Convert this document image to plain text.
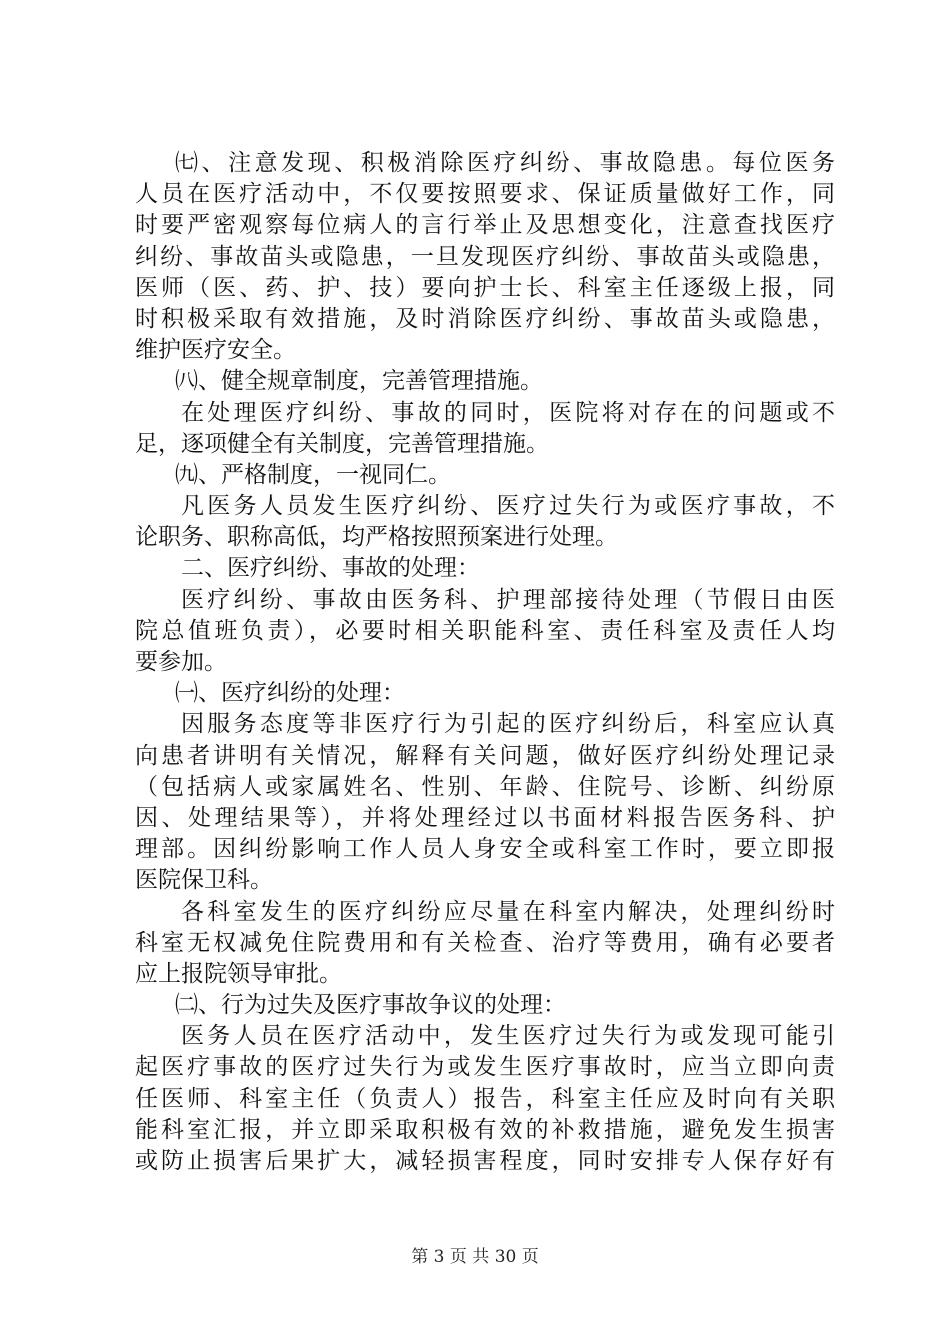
㈦、注意发现、积极消除医疗纠纷、事故隐患。每位医务
人员在医疗活动中，不仅要按照要求、保证质量做好工作，同
时要严密观察每位病人的言行举止及思想变化，注意查找医疗
纠纷、事故苗头或隐患，一旦发现医疗纠纷、事故苗头或隐患，
医师（医、药、护、技）要向护士长、科室主任逐级上报，同
时积极采取有效措施，及时消除医疗纠纷、事故苗头或隐患，
维护医疗安全。
㈧、健全规章制度，完善管理措施。
在处理医疗纠纷、事故的同时，医院将对存在的问题或不
足，逐项健全有关制度，完善管理措施。
㈨、严格制度，一视同仁。
凡医务人员发生医疗纠纷、医疗过失行为或医疗事故，不
论职务、职称高低，均严格按照预案进行处理。
二、医疗纠纷、事故的处理：
医疗纠纷、事故由医务科、护理部接待处理（节假日由医
院总值班负责），必要时相关职能科室、责任科室及责任人均
要参加。
㈠、医疗纠纷的处理：
因服务态度等非医疗行为引起的医疗纠纷后，科室应认真
向患者讲明有关情况，解释有关问题，做好医疗纠纷处理记录
（包括病人或家属姓名、性别、年龄、住院号、诊断、纠纷原
因、处理结果等），并将处理经过以书面材料报告医务科、护
理部。因纠纷影响工作人员人身安全或科室工作时，要立即报
医院保卫科。
各科室发生的医疗纠纷应尽量在科室内解决，处理纠纷时
科室无权减免住院费用和有关检查、治疗等费用，确有必要者
应上报院领导审批。
㈡、行为过失及医疗事故争议的处理：
医务人员在医疗活动中，发生医疗过失行为或发现可能引
起医疗事故的医疗过失行为或发生医疗事故时，应当立即向责
任医师、科室主任（负责人）报告，科室主任应及时向有关职
能科室汇报，并立即采取积极有效的补救措施，避免发生损害
或防止损害后果扩大，减轻损害程度，同时安排专人保存好有
第 3 页 共 30 页
